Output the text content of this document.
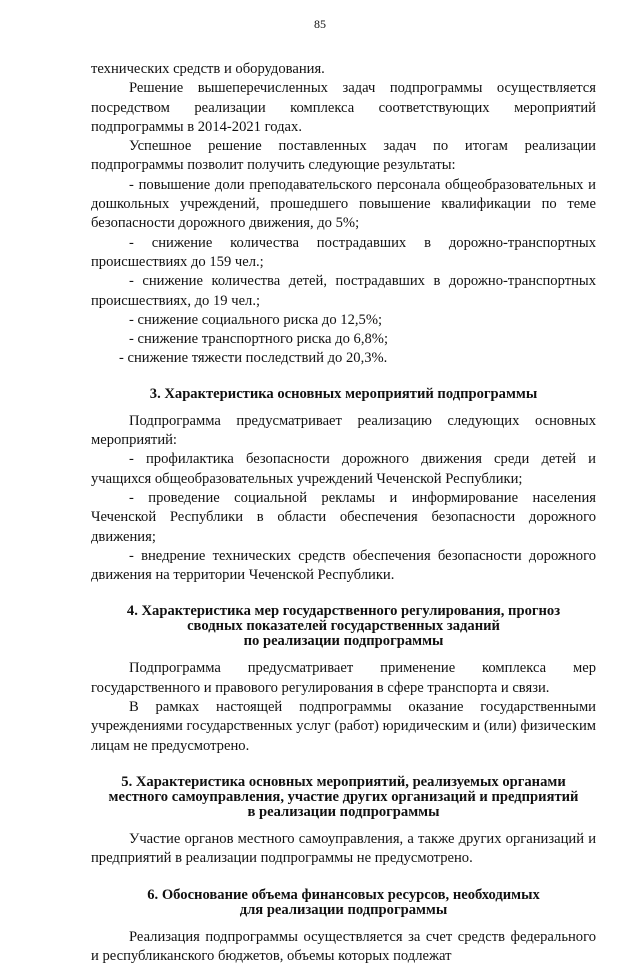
85

технических средств и оборудования.

Решение вышеперечисленных задач подпрограммы осуществляется посредством реализации комплекса соответствующих мероприятий подпрограммы в 2014-2021 годах.

Успешное решение поставленных задач по итогам реализации подпрограммы позволит получить следующие результаты:

- повышение доли преподавательского персонала общеобразовательных и дошкольных учреждений, прошедшего повышение квалификации по теме безопасности дорожного движения, до 5%;

- снижение количества пострадавших в дорожно-транспортных происшествиях до 159 чел.;

- снижение количества детей, пострадавших в дорожно-транспортных происшествиях, до 19 чел.;

- снижение социального риска до 12,5%;

- снижение транспортного риска до 6,8%;

- снижение тяжести последствий до 20,3%.

3. Характеристика основных мероприятий подпрограммы

Подпрограмма предусматривает реализацию следующих основных мероприятий:

- профилактика безопасности дорожного движения среди детей и учащихся общеобразовательных учреждений Чеченской Республики;

- проведение социальной рекламы и информирование населения Чеченской Республики в области обеспечения безопасности дорожного движения;

- внедрение технических средств обеспечения безопасности дорожного движения на территории Чеченской Республики.

4. Характеристика мер государственного регулирования, прогноз
сводных показателей государственных заданий
по реализации подпрограммы

Подпрограмма предусматривает применение комплекса мер государственного и правового регулирования в сфере транспорта и связи.

В рамках настоящей подпрограммы оказание государственными учреждениями государственных услуг (работ) юридическим и (или) физическим лицам не предусмотрено.

5. Характеристика основных мероприятий, реализуемых органами
местного самоуправления, участие других организаций и предприятий
в реализации подпрограммы

Участие органов местного самоуправления, а также других организаций и предприятий в реализации подпрограммы не предусмотрено.

6. Обоснование объема финансовых ресурсов, необходимых
для реализации подпрограммы

Реализация подпрограммы осуществляется за счет средств федерального и республиканского бюджетов, объемы которых подлежат
